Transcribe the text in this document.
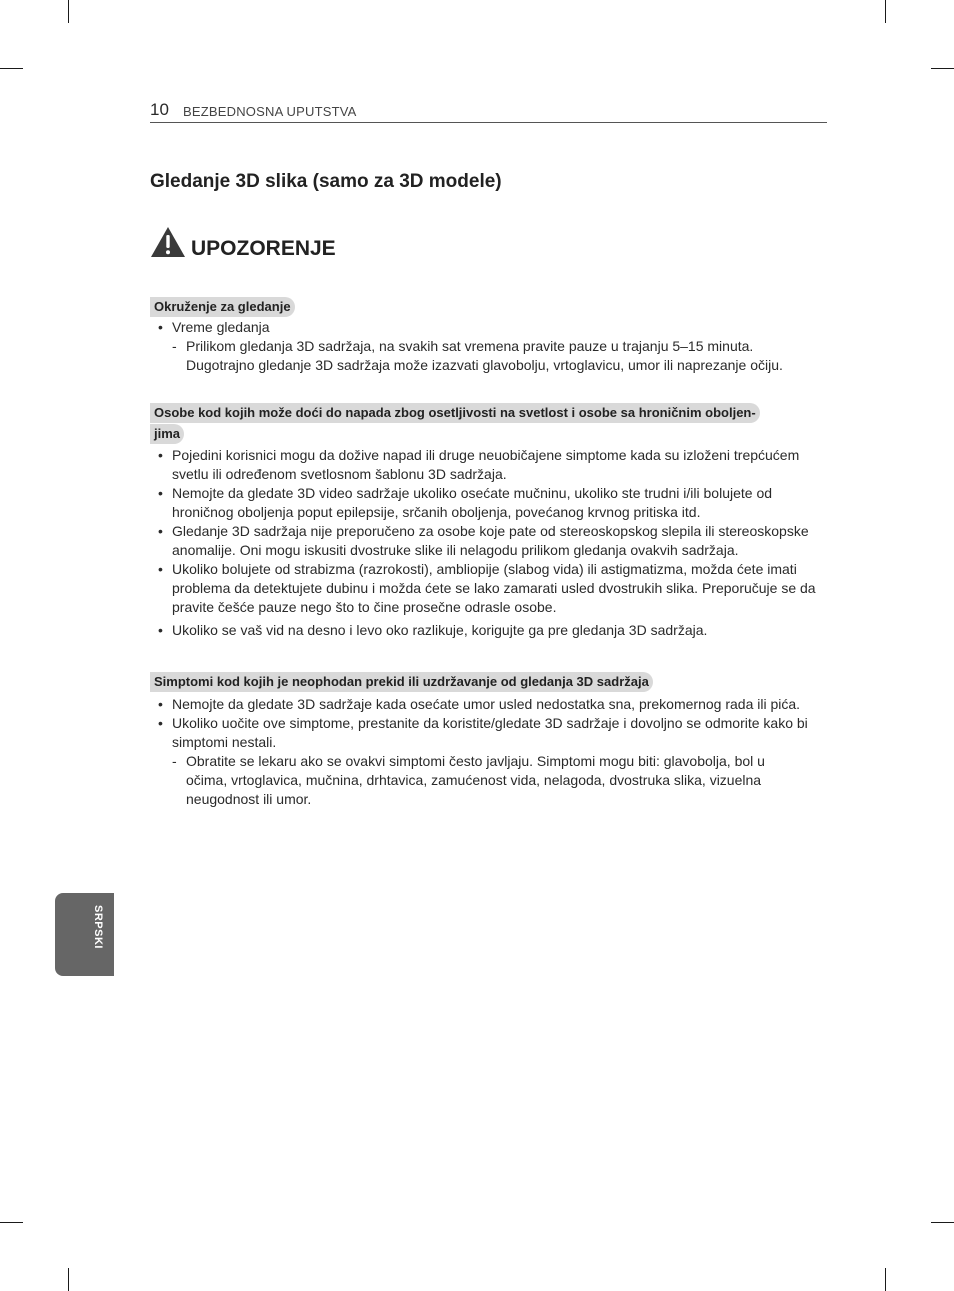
10 BEZBEDNOSNA UPUTSTVA
Gledanje 3D slika (samo za 3D modele)
UPOZORENJE
Okruženje za gledanje
• Vreme gledanja
- Prilikom gledanja 3D sadržaja, na svakih sat vremena pravite pauze u trajanju 5–15 minuta. Dugotrajno gledanje 3D sadržaja može izazvati glavobolju, vrtoglavicu, umor ili naprezanje očiju.
Osobe kod kojih može doći do napada zbog osetljivosti na svetlost i osobe sa hroničnim oboljen-
jima
• Pojedini korisnici mogu da dožive napad ili druge neuobičajene simptome kada su izloženi trepćućem svetlu ili određenom svetlosnom šablonu 3D sadržaja.
• Nemojte da gledate 3D video sadržaje ukoliko osećate mučninu, ukoliko ste trudni i/ili bolujete od hroničnog oboljenja poput epilepsije, srčanih oboljenja, povećanog krvnog pritiska itd.
• Gledanje 3D sadržaja nije preporučeno za osobe koje pate od stereoskopskog slepila ili stereoskopske anomalije. Oni mogu iskusiti dvostruke slike ili nelagodu prilikom gledanja ovakvih sadržaja.
• Ukoliko bolujete od strabizma (razrokosti), ambliopije (slabog vida) ili astigmatizma, možda ćete imati problema da detektujete dubinu i možda ćete se lako zamarati usled dvostrukih slika. Preporučuje se da pravite češće pauze nego što to čine prosečne odrasle osobe.
• Ukoliko se vaš vid na desno i levo oko razlikuje, korigujte ga pre gledanja 3D sadržaja.
Simptomi kod kojih je neophodan prekid ili uzdržavanje od gledanja 3D sadržaja
• Nemojte da gledate 3D sadržaje kada osećate umor usled nedostatka sna, prekomernog rada ili pića.
• Ukoliko uočite ove simptome, prestanite da koristite/gledate 3D sadržaje i dovoljno se odmorite kako bi simptomi nestali.
- Obratite se lekaru ako se ovakvi simptomi često javljaju. Simptomi mogu biti: glavobolja, bol u očima, vrtoglavica, mučnina, drhtavica, zamućenost vida, nelagoda, dvostruka slika, vizuelna neugodnost ili umor.
SRPSKI
